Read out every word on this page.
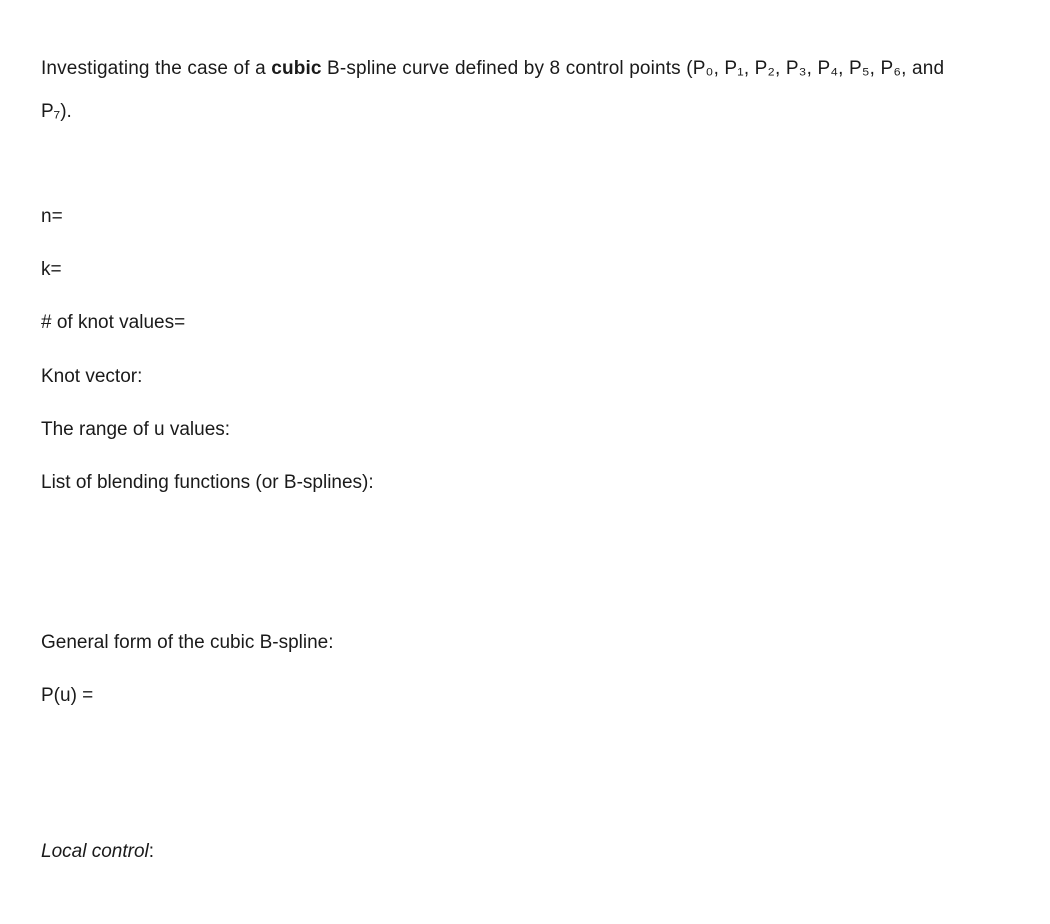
Investigating the case of a cubic B-spline curve defined by 8 control points (P₀, P₁, P₂, P₃, P₄, P₅, P₆, and
P₇).
n=
k=
# of knot values=
Knot vector:
The range of u values:
List of blending functions (or B-splines):
General form of the cubic B-spline:
P(u) =
Local control:
